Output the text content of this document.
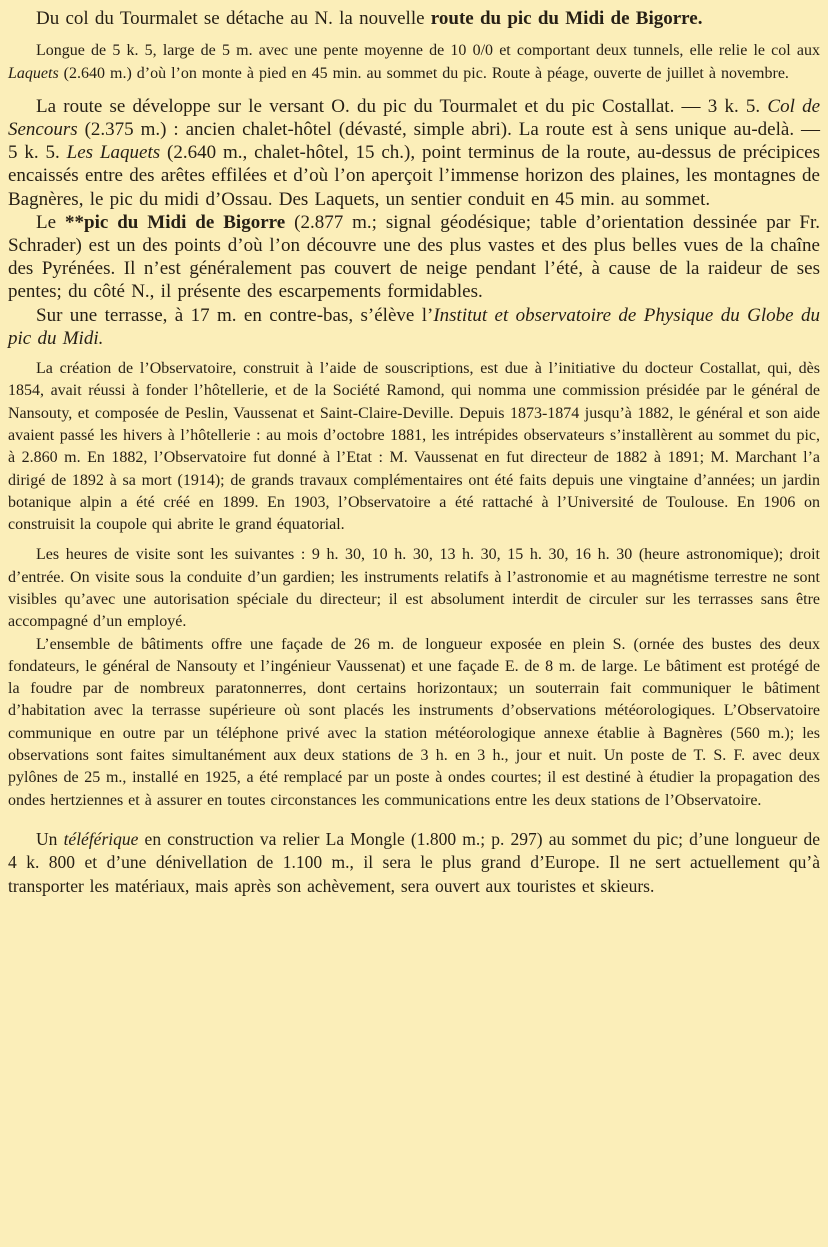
Du col du Tourmalet se détache au N. la nouvelle route du pic du Midi de Bigorre.

Longue de 5 k. 5, large de 5 m. avec une pente moyenne de 10 0/0 et comportant deux tunnels, elle relie le col aux Laquets (2.640 m.) d’où l’on monte à pied en 45 min. au sommet du pic. Route à péage, ouverte de juillet à novembre.

La route se développe sur le versant O. du pic du Tourmalet et du pic Costallat. — 3 k. 5. Col de Sencours (2.375 m.) : ancien chalet-hôtel (dévasté, simple abri). La route est à sens unique au-delà. — 5 k. 5. Les Laquets (2.640 m., chalet-hôtel, 15 ch.), point terminus de la route, au-dessus de précipices encaissés entre des arêtes effilées et d’où l’on aperçoit l’immense horizon des plaines, les montagnes de Bagnères, le pic du midi d’Ossau. Des Laquets, un sentier conduit en 45 min. au sommet.

Le **pic du Midi de Bigorre (2.877 m.; signal géodésique; table d’orientation dessinée par Fr. Schrader) est un des points d’où l’on découvre une des plus vastes et des plus belles vues de la chaîne des Pyrénées. Il n’est généralement pas couvert de neige pendant l’été, à cause de la raideur de ses pentes; du côté N., il présente des escarpements formidables.

Sur une terrasse, à 17 m. en contre-bas, s’élève l’Institut et observatoire de Physique du Globe du pic du Midi.

La création de l’Observatoire, construit à l’aide de souscriptions, est due à l’initiative du docteur Costallat, qui, dès 1854, avait réussi à fonder l’hôtellerie, et de la Société Ramond, qui nomma une commission présidée par le général de Nansouty, et composée de Peslin, Vaussenat et Saint-Claire-Deville. Depuis 1873-1874 jusqu’à 1882, le général et son aide avaient passé les hivers à l’hôtellerie : au mois d’octobre 1881, les intrépides observateurs s’installèrent au sommet du pic, à 2.860 m. En 1882, l’Observatoire fut donné à l’Etat : M. Vaussenat en fut directeur de 1882 à 1891; M. Marchant l’a dirigé de 1892 à sa mort (1914); de grands travaux complémentaires ont été faits depuis une vingtaine d’années; un jardin botanique alpin a été créé en 1899. En 1903, l’Observatoire a été rattaché à l’Université de Toulouse. En 1906 on construisit la coupole qui abrite le grand équatorial.

Les heures de visite sont les suivantes : 9 h. 30, 10 h. 30, 13 h. 30, 15 h. 30, 16 h. 30 (heure astronomique); droit d’entrée. On visite sous la conduite d’un gardien; les instruments relatifs à l’astronomie et au magnétisme terrestre ne sont visibles qu’avec une autorisation spéciale du directeur; il est absolument interdit de circuler sur les terrasses sans être accompagné d’un employé.

L’ensemble de bâtiments offre une façade de 26 m. de longueur exposée en plein S. (ornée des bustes des deux fondateurs, le général de Nansouty et l’ingénieur Vaussenat) et une façade E. de 8 m. de large. Le bâtiment est protégé de la foudre par de nombreux paratonnerres, dont certains horizontaux; un souterrain fait communiquer le bâtiment d’habitation avec la terrasse supérieure où sont placés les instruments d’observations météorologiques. L’Observatoire communique en outre par un téléphone privé avec la station météorologique annexe établie à Bagnères (560 m.); les observations sont faites simultanément aux deux stations de 3 h. en 3 h., jour et nuit. Un poste de T. S. F. avec deux pylônes de 25 m., installé en 1925, a été remplacé par un poste à ondes courtes; il est destiné à étudier la propagation des ondes hertziennes et à assurer en toutes circonstances les communications entre les deux stations de l’Observatoire.

Un téléférique en construction va relier La Mongle (1.800 m.; p. 297) au sommet du pic; d’une longueur de 4 k. 800 et d’une dénivellation de 1.100 m., il sera le plus grand d’Europe. Il ne sert actuellement qu’à transporter les matériaux, mais après son achèvement, sera ouvert aux touristes et skieurs.
